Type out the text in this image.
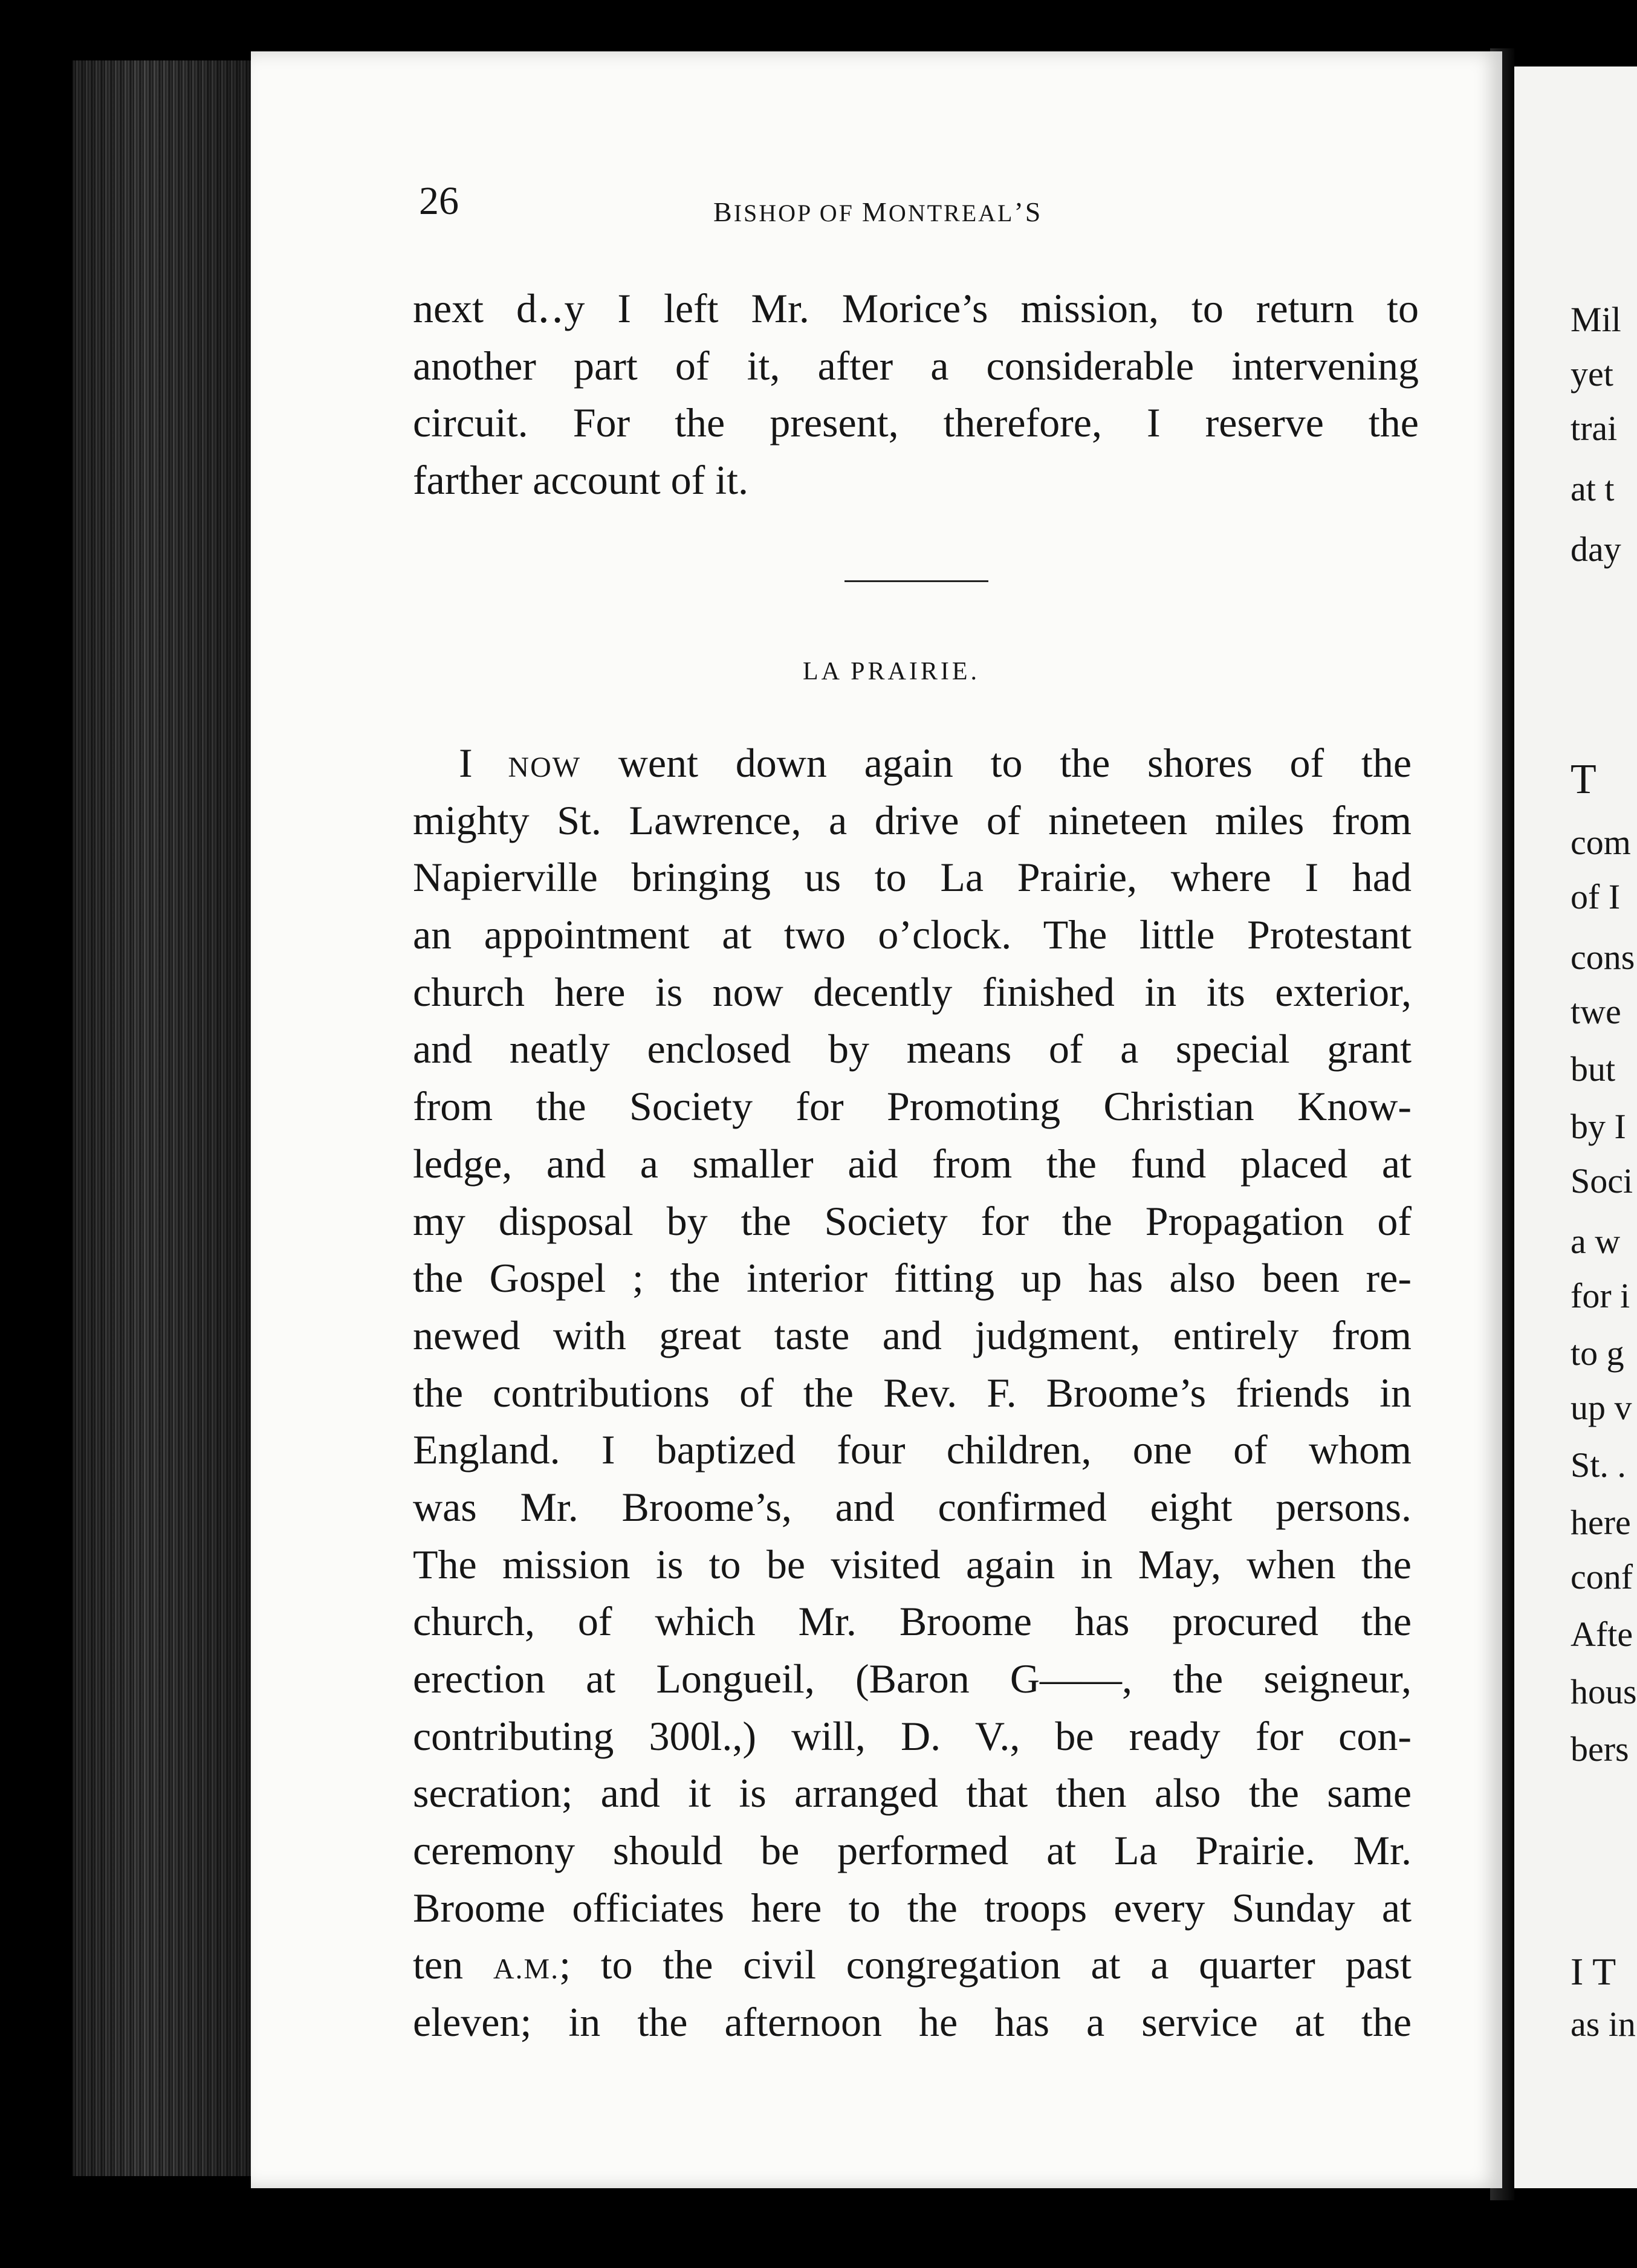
Mil
yet
trai
at t
day
T
com
of I
cons
twe
but
by I
Soci
a w
for i
to g
up v
St. .
here
conf
Afte
hous
bers
I T
as in
26	BISHOP OF MONTREAL’S
next d․․y I left Mr. Morice’s mission, to return to
another part of it, after a considerable intervening
circuit. For the present, therefore, I reserve the
farther account of it.
LA PRAIRIE.
I NOW went down again to the shores of the
mighty St. Lawrence, a drive of nineteen miles from
Napierville bringing us to La Prairie, where I had
an appointment at two o’clock. The little Protestant
church here is now decently finished in its exterior,
and neatly enclosed by means of a special grant
from the Society for Promoting Christian Know-
ledge, and a smaller aid from the fund placed at
my disposal by the Society for the Propagation of
the Gospel ; the interior fitting up has also been re-
newed with great taste and judgment, entirely from
the contributions of the Rev. F. Broome’s friends in
England. I baptized four children, one of whom
was Mr. Broome’s, and confirmed eight persons.
The mission is to be visited again in May, when the
church, of which Mr. Broome has procured the
erection at Longueil, (Baron G——, the seigneur,
contributing 300l.,) will, D. V., be ready for con-
secration; and it is arranged that then also the same
ceremony should be performed at La Prairie. Mr.
Broome officiates here to the troops every Sunday at
ten A.M.; to the civil congregation at a quarter past
eleven; in the afternoon he has a service at the
